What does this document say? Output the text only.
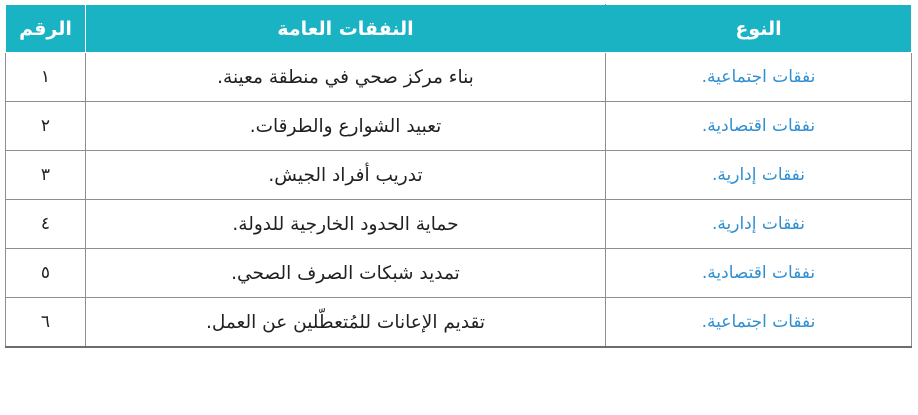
النوع	النفقات العامة	الرقم
نفقات اجتماعية.	بناء مركز صحي في منطقة معينة.	١
نفقات اقتصادية.	تعبيد الشوارع والطرقات.	٢
نفقات إدارية.	تدريب أفراد الجيش.	٣
نفقات إدارية.	حماية الحدود الخارجية للدولة.	٤
نفقات اقتصادية.	تمديد شبكات الصرف الصحي.	٥
نفقات اجتماعية.	تقديم الإعانات للمُتعطّلين عن العمل.	٦
